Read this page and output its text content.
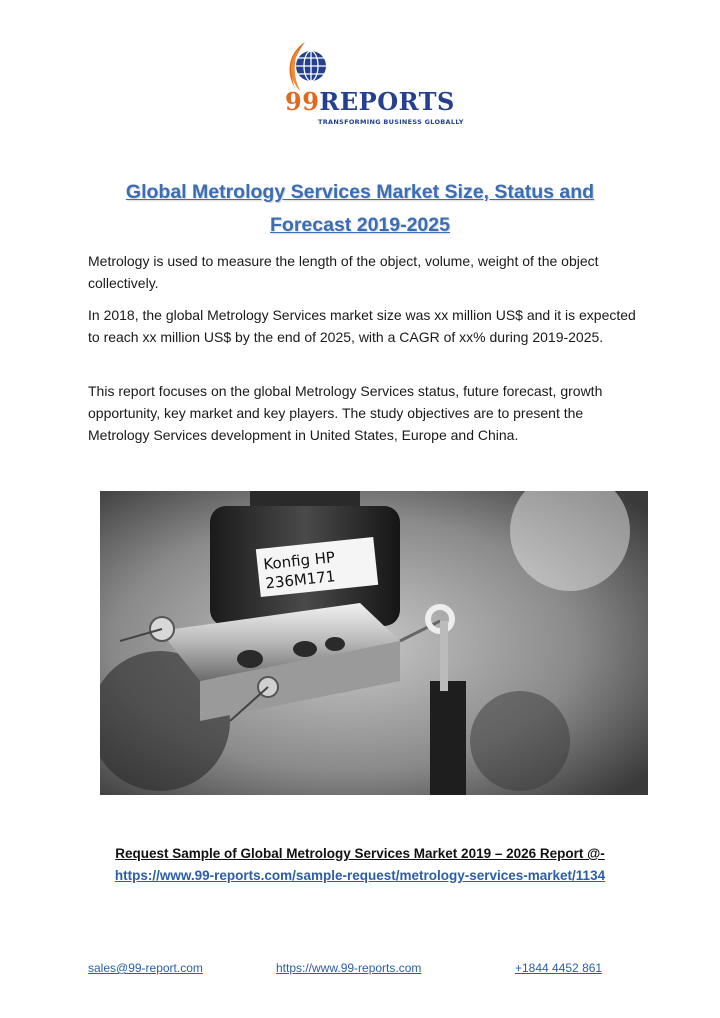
99REPORTS
TRANSFORMING BUSINESS GLOBALLY
Global Metrology Services Market Size, Status and
Forecast 2019-2025

Metrology is used to measure the length of the object, volume, weight of the object collectively.

In 2018, the global Metrology Services market size was xx million US$ and it is expected to reach xx million US$ by the end of 2025, with a CAGR of xx% during 2019-2025.

This report focuses on the global Metrology Services status, future forecast, growth opportunity, key market and key players. The study objectives are to present the Metrology Services development in United States, Europe and China.

Konfig HP
236M171
Request Sample of Global Metrology Services Market 2019 – 2026 Report @-
https://www.99-reports.com/sample-request/metrology-services-market/1134
sales@99-report.com	https://www.99-reports.com	+1844 4452 861
